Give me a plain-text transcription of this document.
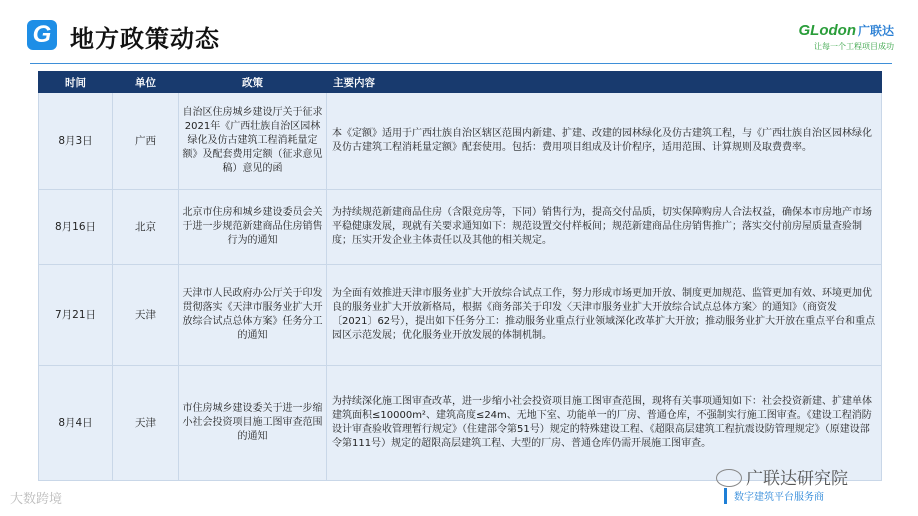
G 地方政策动态	GLodon 广联达
让每一个工程项目成功
时间	单位	政策	主要内容
8月3日	广西	自治区住房城乡建设厅关于征求2021年《广西壮族自治区园林绿化及仿古建筑工程消耗量定额》及配套费用定额（征求意见稿）意见的函	本《定额》适用于广西壮族自治区辖区范围内新建、扩建、改建的园林绿化及仿古建筑工程，与《广西壮族自治区园林绿化及仿古建筑工程消耗量定额》配套使用。包括：费用项目组成及计价程序，适用范围、计算规则及取费费率。
8月16日	北京	北京市住房和城乡建设委员会关于进一步规范新建商品住房销售行为的通知	为持续规范新建商品住房（含限竞房等，下同）销售行为，提高交付品质，切实保障购房人合法权益，确保本市房地产市场平稳健康发展，现就有关要求通知如下：规范设置交付样板间；规范新建商品住房销售推广；落实交付前房屋质量查验制度；压实开发企业主体责任以及其他的相关规定。
7月21日	天津	天津市人民政府办公厅关于印发贯彻落实《天津市服务业扩大开放综合试点总体方案》任务分工的通知	为全面有效推进天津市服务业扩大开放综合试点工作，努力形成市场更加开放、制度更加规范、监管更加有效、环境更加优良的服务业扩大开放新格局，根据《商务部关于印发〈天津市服务业扩大开放综合试点总体方案〉的通知》（商资发〔2021〕62号），提出如下任务分工：推动服务业重点行业领域深化改革扩大开放；推动服务业扩大开放在重点平台和重点园区示范发展；优化服务业开放发展的体制机制。
8月4日	天津	市住房城乡建设委关于进一步缩小社会投资项目施工图审查范围的通知	为持续深化施工图审查改革，进一步缩小社会投资项目施工图审查范围，现将有关事项通知如下：社会投资新建、扩建单体建筑面积≤10000m²、建筑高度≤24m、无地下室、功能单一的厂房、普通仓库，不强制实行施工图审查。《建设工程消防设计审查验收管理暂行规定》（住建部令第51号）规定的特殊建设工程、《超限高层建筑工程抗震设防管理规定》（原建设部令第111号）规定的超限高层建筑工程、大型的厂房、普通仓库仍需开展施工图审查。
广联达研究院
数字建筑平台服务商
大数跨境
